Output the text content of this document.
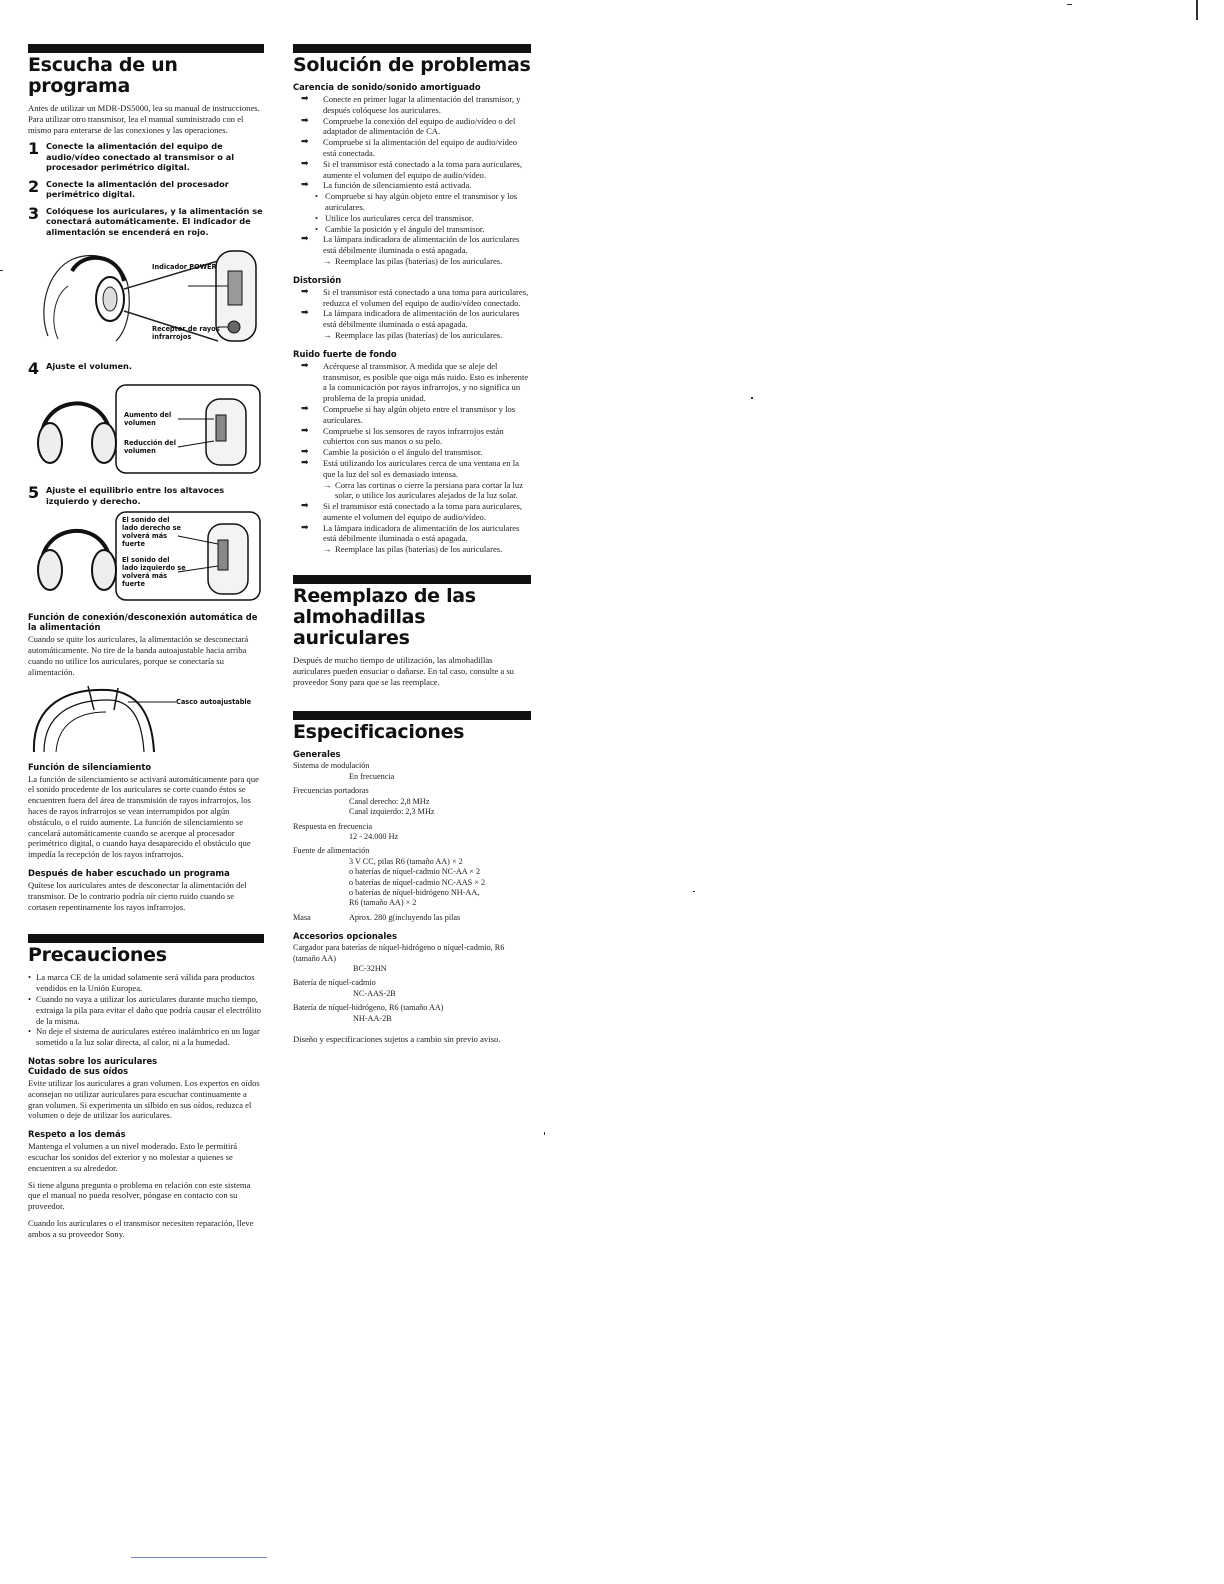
Escucha de un programa

Antes de utilizar un MDR-DS5000, lea su manual de instrucciones. Para utilizar otro transmisor, lea el manual suministrado con el mismo para enterarse de las conexiones y las operaciones.

1 Conecte la alimentación del equipo de audio/vídeo conectado al transmisor o al procesador perimétrico digital.
2 Conecte la alimentación del procesador perimétrico digital.
3 Colóquese los auriculares, y la alimentación se conectará automáticamente. El indicador de alimentación se encenderá en rojo.
Indicador POWER
Receptor de rayos infrarrojos
4 Ajuste el volumen.
Aumento del volumen
Reducción del volumen
5 Ajuste el equilibrio entre los altavoces izquierdo y derecho.
El sonido del lado derecho se volverá más fuerte
El sonido del lado izquierdo se volverá más fuerte
Función de conexión/desconexión automática de la alimentación

Cuando se quite los auriculares, la alimentación se desconectará automáticamente. No tire de la banda autoajustable hacia arriba cuando no utilice los auriculares, porque se conectaría su alimentación.

Casco autoajustable
Función de silenciamiento

La función de silenciamiento se activará automáticamente para que el sonido procedente de los auriculares se corte cuando éstos se encuentren fuera del área de transmisión de rayos infrarrojos, los haces de rayos infrarrojos se vean interrumpidos por algún obstáculo, o el ruido aumente. La función de silenciamiento se cancelará automáticamente cuando se acerque al procesador perimétrico digital, o cuando haya desaparecido el obstáculo que impedía la recepción de los rayos infrarrojos.

Después de haber escuchado un programa

Quítese los auriculares antes de desconectar la alimentación del transmisor. De lo contrario podría oír cierto ruido cuando se cortasen repentinamente los rayos infrarrojos.

Precauciones
• La marca CE de la unidad solamente será válida para productos vendidos en la Unión Europea.
• Cuando no vaya a utilizar los auriculares durante mucho tiempo, extraiga la pila para evitar el daño que podría causar el electrólito de la misma.
• No deje el sistema de auriculares estéreo inalámbrico en un lugar sometido a la luz solar directa, al calor, ni a la humedad.
Notas sobre los auriculares
Cuidado de sus oídos

Evite utilizar los auriculares a gran volumen. Los expertos en oídos aconsejan no utilizar auriculares para escuchar continuamente a gran volumen. Si experimenta un silbido en sus oídos, reduzca el volumen o deje de utilizar los auriculares.

Respeto a los demás

Mantenga el volumen a un nivel moderado. Esto le permitirá escuchar los sonidos del exterior y no molestar a quienes se encuentren a su alrededor.

Si tiene alguna pregunta o problema en relación con este sistema que el manual no pueda resolver, póngase en contacto con su proveedor.

Cuando los auriculares o el transmisor necesiten reparación, lleve ambos a su proveedor Sony.

Solución de problemas
Carencia de sonido/sonido amortiguado
➡ Conecte en primer lugar la alimentación del transmisor, y después colóquese los auriculares.
➡ Compruebe la conexión del equipo de audio/vídeo o del adaptador de alimentación de CA.
➡ Compruebe si la alimentación del equipo de audio/vídeo está conectada.
➡ Si el transmisor está conectado a la toma para auriculares, aumente el volumen del equipo de audio/vídeo.
➡ La función de silenciamiento está activada.
• Compruebe si hay algún objeto entre el transmisor y los auriculares.
• Utilice los auriculares cerca del transmisor.
• Cambie la posición y el ángulo del transmisor.
➡ La lámpara indicadora de alimentación de los auriculares está débilmente iluminada o está apagada.
→ Reemplace las pilas (baterías) de los auriculares.
Distorsión
➡ Si el transmisor está conectado a una toma para auriculares, reduzca el volumen del equipo de audio/vídeo conectado.
➡ La lámpara indicadora de alimentación de los auriculares está débilmente iluminada o está apagada.
→ Reemplace las pilas (baterías) de los auriculares.
Ruido fuerte de fondo
➡ Acérquese al transmisor. A medida que se aleje del transmisor, es posible que oiga más ruido. Esto es inherente a la comunicación por rayos infrarrojos, y no significa un problema de la propia unidad.
➡ Compruebe si hay algún objeto entre el transmisor y los auriculares.
➡ Compruebe si los sensores de rayos infrarrojos están cubiertos con sus manos o su pelo.
➡ Cambie la posición o el ángulo del transmisor.
➡ Está utilizando los auriculares cerca de una ventana en la que la luz del sol es demasiado intensa.
→ Corra las cortinas o cierre la persiana para cortar la luz solar, o utilice los auriculares alejados de la luz solar.
➡ Si el transmisor está conectado a la toma para auriculares, aumente el volumen del equipo de audio/vídeo.
➡ La lámpara indicadora de alimentación de los auriculares está débilmente iluminada o está apagada.
→ Reemplace las pilas (baterías) de los auriculares.
Reemplazo de las almohadillas auriculares

Después de mucho tiempo de utilización, las almohadillas auriculares pueden ensuciar o dañarse. En tal caso, consulte a su proveedor Sony para que se las reemplace.

Especificaciones
Generales
Sistema de modulación
En frecuencia
Frecuencias portadoras
Canal derecho: 2,8 MHz
Canal izquierdo: 2,3 MHz
Respuesta en frecuencia
12 - 24.000 Hz
Fuente de alimentación
3 V CC, pilas R6 (tamaño AA) × 2
o baterías de níquel-cadmio NC-AA × 2
o baterías de níquel-cadmio NC-AAS × 2
o baterías de níquel-hidrógeno NH-AA,
R6 (tamaño AA) × 2
Masa	Aprox. 280 g(incluyendo las pilas
Accesorios opcionales
Cargador para baterías de níquel-hidrógeno o níquel-cadmio, R6 (tamaño AA)
BC-32HN
Batería de níquel-cadmio
NC-AAS-2B
Batería de níquel-hidrógeno, R6 (tamaño AA)
NH-AA-2B

Diseño y especificaciones sujetos a cambio sin previo aviso.
